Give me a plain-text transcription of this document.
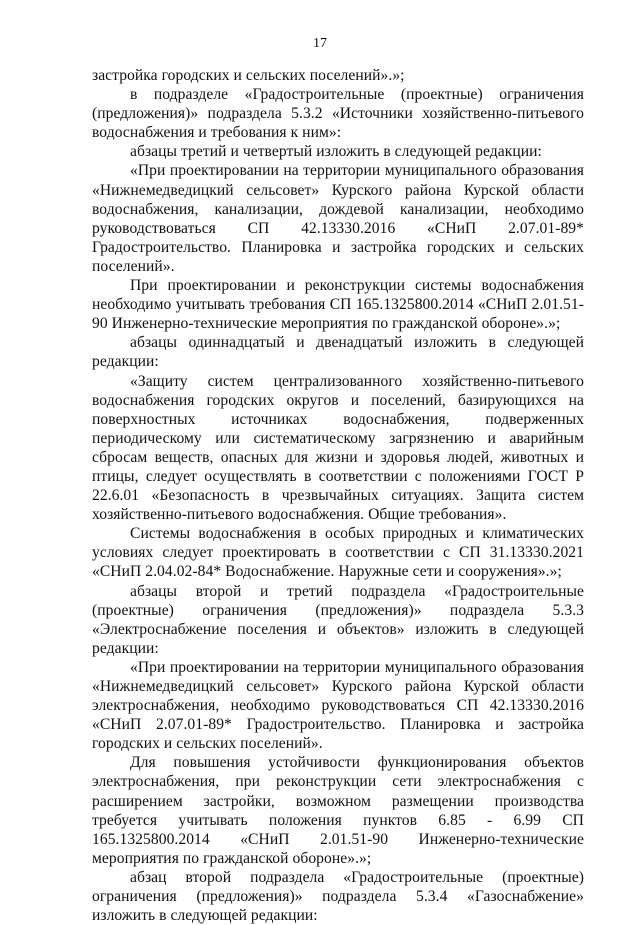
17

застройка городских и сельских поселений».»;

в подразделе «Градостроительные (проектные) ограничения (предложения)» подраздела 5.3.2 «Источники хозяйственно-питьевого водоснабжения и требования к ним»:

абзацы третий и четвертый изложить в следующей редакции:

«При проектировании на территории муниципального образования «Нижнемедведицкий сельсовет» Курского района Курской области водоснабжения, канализации, дождевой канализации, необходимо руководствоваться СП 42.13330.2016 «СНиП 2.07.01-89* Градостроительство. Планировка и застройка городских и сельских поселений».

При проектировании и реконструкции системы водоснабжения необходимо учитывать требования СП 165.1325800.2014 «СНиП 2.01.51-90 Инженерно-технические мероприятия по гражданской обороне».»;

абзацы одиннадцатый и двенадцатый изложить в следующей редакции:

«Защиту систем централизованного хозяйственно-питьевого водоснабжения городских округов и поселений, базирующихся на поверхностных источниках водоснабжения, подверженных периодическому или систематическому загрязнению и аварийным сбросам веществ, опасных для жизни и здоровья людей, животных и птицы, следует осуществлять в соответствии с положениями ГОСТ Р 22.6.01 «Безопасность в чрезвычайных ситуациях. Защита систем хозяйственно-питьевого водоснабжения. Общие требования».

Системы водоснабжения в особых природных и климатических условиях следует проектировать в соответствии с СП 31.13330.2021 «СНиП 2.04.02-84* Водоснабжение. Наружные сети и сооружения».»;

абзацы второй и третий подраздела «Градостроительные (проектные) ограничения (предложения)» подраздела 5.3.3 «Электроснабжение поселения и объектов» изложить в следующей редакции:

«При проектировании на территории муниципального образования «Нижнемедведицкий сельсовет» Курского района Курской области электроснабжения, необходимо руководствоваться СП 42.13330.2016 «СНиП 2.07.01-89* Градостроительство. Планировка и застройка городских и сельских поселений».

Для повышения устойчивости функционирования объектов электроснабжения, при реконструкции сети электроснабжения с расширением застройки, возможном размещении производства требуется учитывать положения пунктов 6.85 - 6.99 СП 165.1325800.2014 «СНиП 2.01.51-90 Инженерно-технические мероприятия по гражданской обороне».»;

абзац второй подраздела «Градостроительные (проектные) ограничения (предложения)» подраздела 5.3.4 «Газоснабжение» изложить в следующей редакции:
